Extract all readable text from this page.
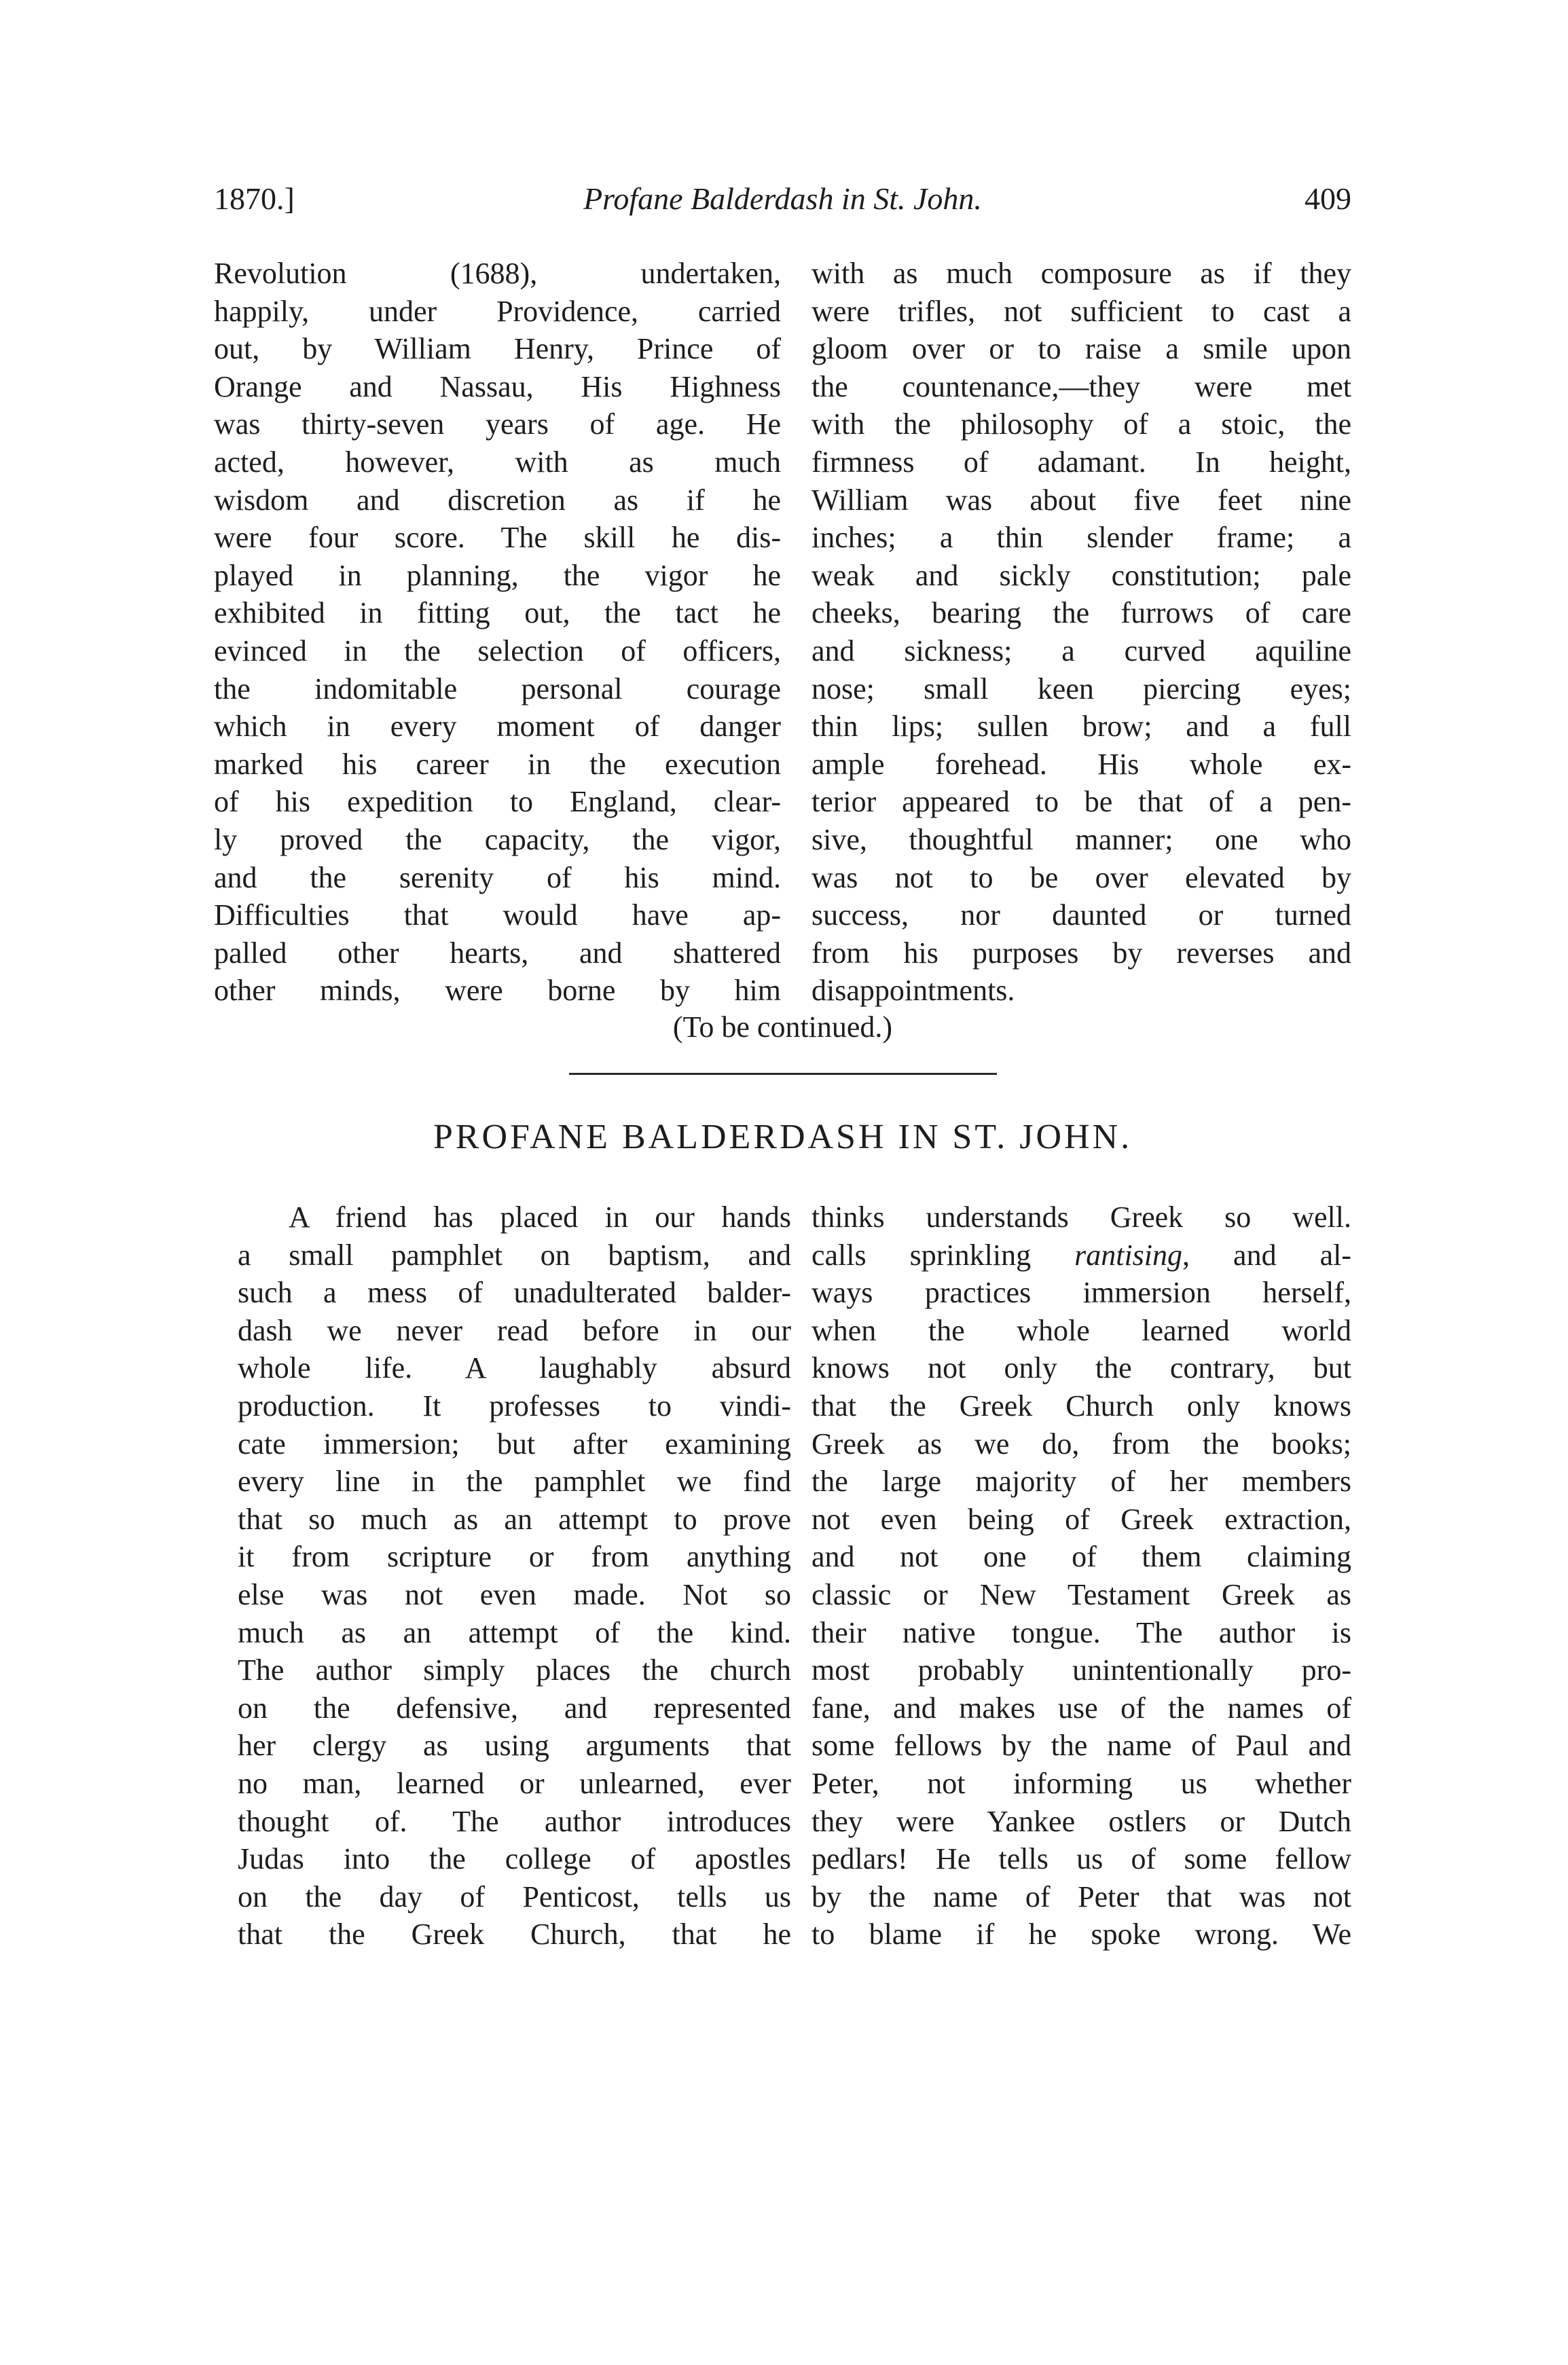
1870.]	Profane Balderdash in St. John.	409
Revolution (1688), undertaken,
happily, under Providence, carried
out, by William Henry, Prince of
Orange and Nassau, His Highness
was thirty-seven years of age. He
acted, however, with as much
wisdom and discretion as if he
were four score. The skill he dis-
played in planning, the vigor he
exhibited in fitting out, the tact he
evinced in the selection of officers,
the indomitable personal courage
which in every moment of danger
marked his career in the execution
of his expedition to England, clear-
ly proved the capacity, the vigor,
and the serenity of his mind.
Difficulties that would have ap-
palled other hearts, and shattered
other minds, were borne by him
with as much composure as if they
were trifles, not sufficient to cast a
gloom over or to raise a smile upon
the countenance,—they were met
with the philosophy of a stoic, the
firmness of adamant. In height,
William was about five feet nine
inches; a thin slender frame; a
weak and sickly constitution; pale
cheeks, bearing the furrows of care
and sickness; a curved aquiline
nose; small keen piercing eyes;
thin lips; sullen brow; and a full
ample forehead. His whole ex-
terior appeared to be that of a pen-
sive, thoughtful manner; one who
was not to be over elevated by
success, nor daunted or turned
from his purposes by reverses and
disappointments.
(To be continued.)
PROFANE BALDERDASH IN ST. JOHN.
A friend has placed in our hands
a small pamphlet on baptism, and
such a mess of unadulterated balder-
dash we never read before in our
whole life. A laughably absurd
production. It professes to vindi-
cate immersion; but after examining
every line in the pamphlet we find
that so much as an attempt to prove
it from scripture or from anything
else was not even made. Not so
much as an attempt of the kind.
The author simply places the church
on the defensive, and represented
her clergy as using arguments that
no man, learned or unlearned, ever
thought of. The author introduces
Judas into the college of apostles
on the day of Penticost, tells us
that the Greek Church, that he
thinks understands Greek so well.
calls sprinkling rantising, and al-
ways practices immersion herself,
when the whole learned world
knows not only the contrary, but
that the Greek Church only knows
Greek as we do, from the books;
the large majority of her members
not even being of Greek extraction,
and not one of them claiming
classic or New Testament Greek as
their native tongue. The author is
most probably unintentionally pro-
fane, and makes use of the names of
some fellows by the name of Paul and
Peter, not informing us whether
they were Yankee ostlers or Dutch
pedlars! He tells us of some fellow
by the name of Peter that was not
to blame if he spoke wrong. We
